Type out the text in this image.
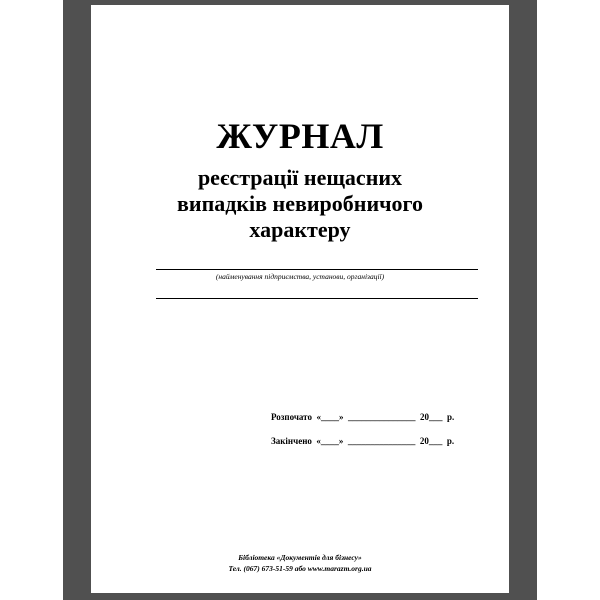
ЖУРНАЛ
реєстрації нещасних
випадків невиробничого
характеру
(найменування підприємства, установи, організації)
Розпочато  «____»  _______________  20___  р.
Закінчено  «____»  _______________  20___  р.
Бібліотека «Документів для бізнесу»
Тел. (067) 673-51-59 або www.marazm.org.ua
